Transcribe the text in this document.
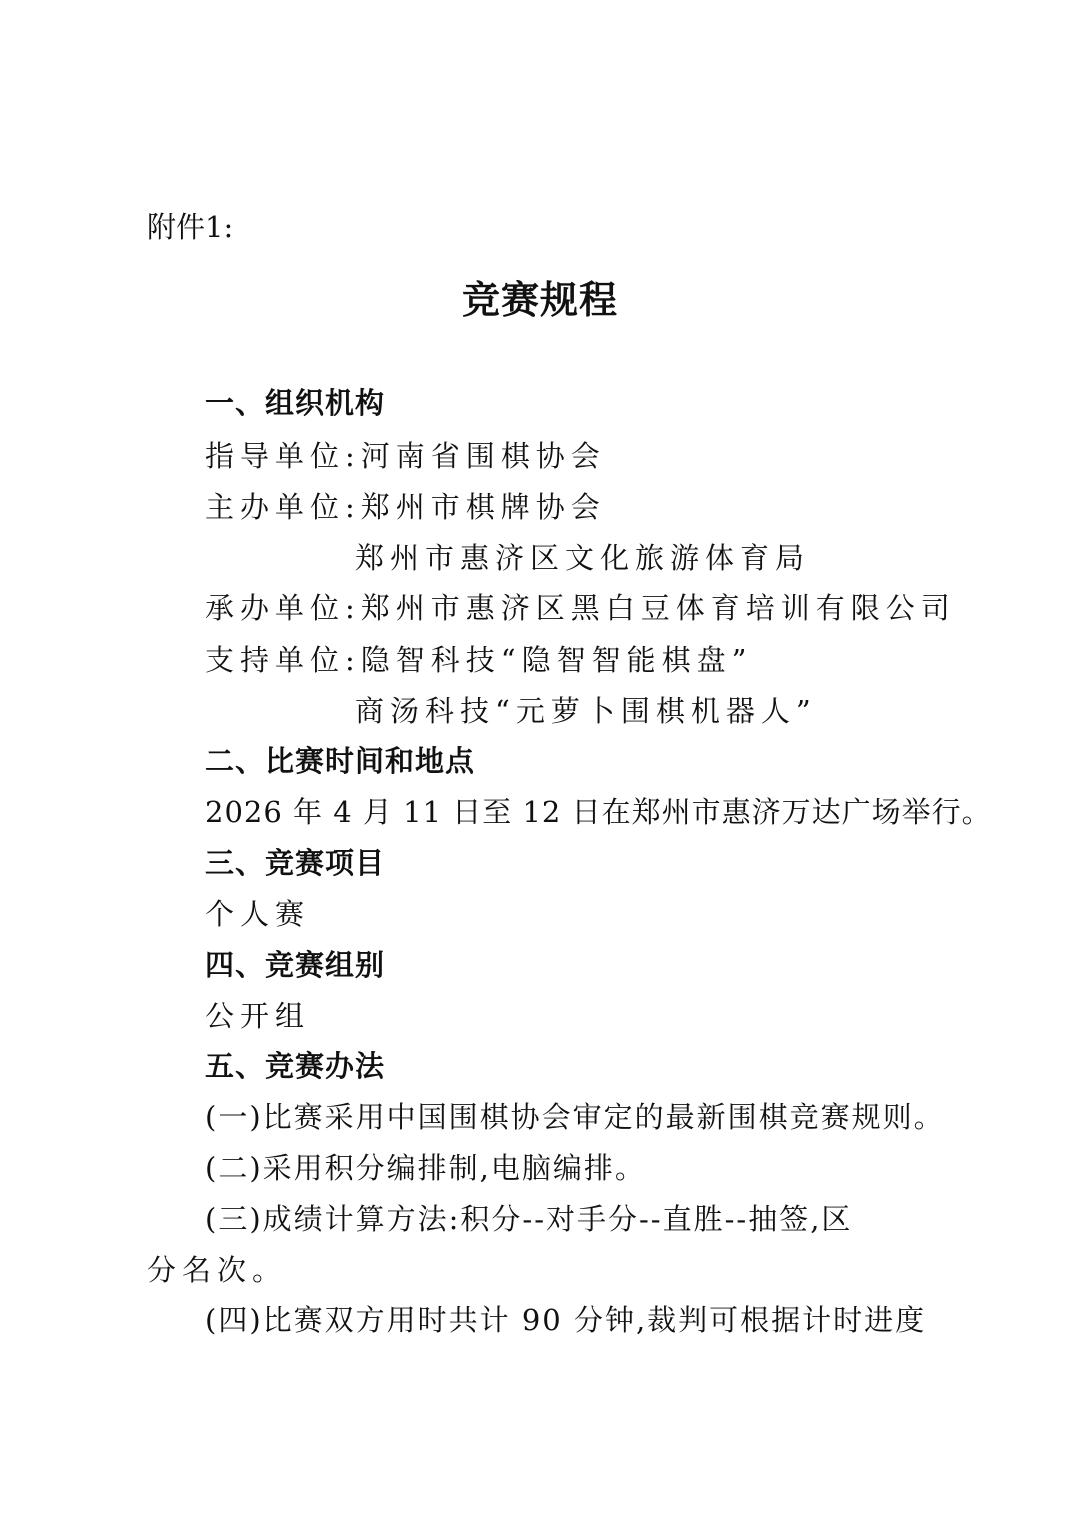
附件1:
竞赛规程
一、组织机构
指导单位:河南省围棋协会
主办单位:郑州市棋牌协会
郑州市惠济区文化旅游体育局
承办单位:郑州市惠济区黑白豆体育培训有限公司
支持单位:隐智科技“隐智智能棋盘”
商汤科技“元萝卜围棋机器人”
二、比赛时间和地点
2026 年 4 月 11 日至 12 日在郑州市惠济万达广场举行。
三、竞赛项目
个人赛
四、竞赛组别
公开组
五、竞赛办法
(一)比赛采用中国围棋协会审定的最新围棋竞赛规则。
(二)采用积分编排制,电脑编排。
(三)成绩计算方法:积分--对手分--直胜--抽签,区
分名次。
(四)比赛双方用时共计 90 分钟,裁判可根据计时进度
